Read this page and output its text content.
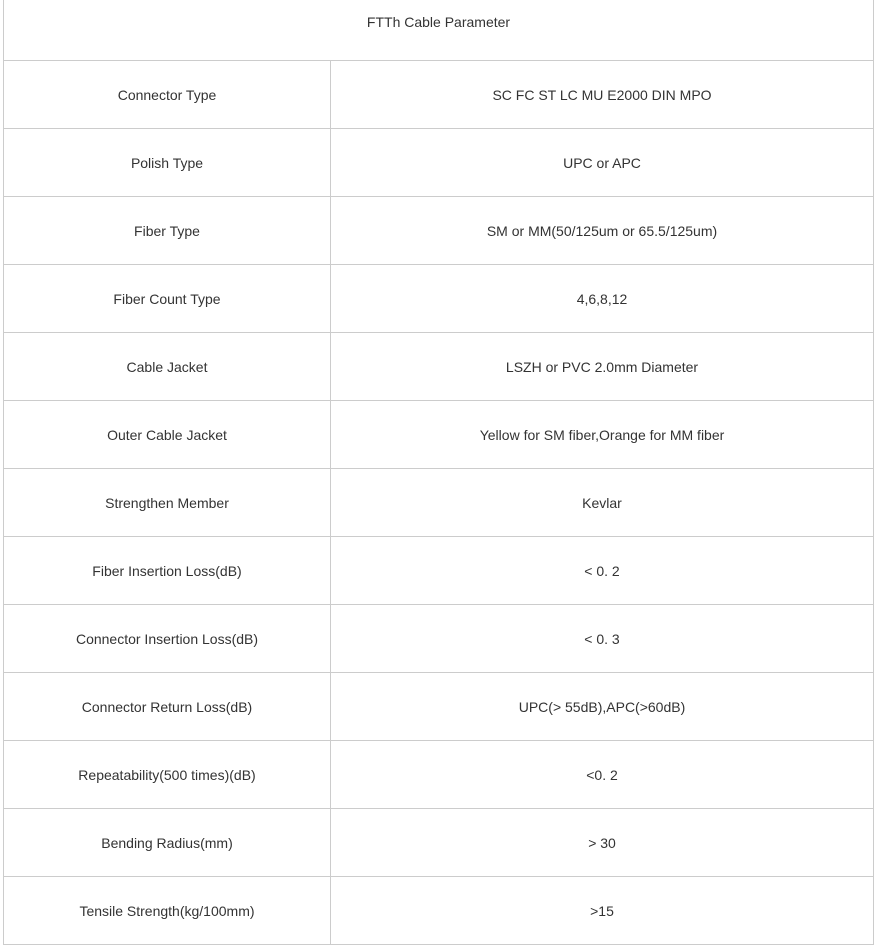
FTTh Cable Parameter	

Connector Type	SC FC ST LC MU E2000 DIN MPO
Polish Type	UPC or APC
Fiber Type	SM or MM(50/125um or 65.5/125um)
Fiber Count Type	4,6,8,12
Cable Jacket	LSZH or PVC 2.0mm Diameter
Outer Cable Jacket	Yellow for SM fiber,Orange for MM fiber
Strengthen Member	Kevlar
Fiber Insertion Loss(dB)	< 0. 2
Connector Insertion Loss(dB)	< 0. 3
Connector Return Loss(dB)	UPC(> 55dB),APC(>60dB)
Repeatability(500 times)(dB)	<0. 2
Bending Radius(mm)	> 30
Tensile Strength(kg/100mm)	>15
